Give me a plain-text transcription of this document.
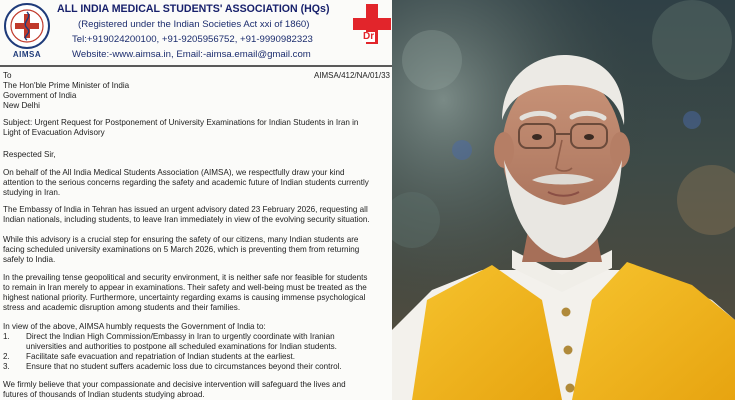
AIMSA
ALL INDIA MEDICAL STUDENTS' ASSOCIATION (HQs)
(Registered under the Indian Societies Act xxi of 1860)
Tel:+919024200100, +91-9205956752, +91-9990982323
Website:-www.aimsa.in, Email:-aimsa.email@gmail.com
Dr
To	AIMSA/412/NA/01/33
The Hon'ble Prime Minister of India
Government of India
New Delhi
Subject: Urgent Request for Postponement of University Examinations for Indian Students in Iran in
Light of Evacuation Advisory
Respected Sir,
On behalf of the All India Medical Students Association (AIMSA), we respectfully draw your kind
attention to the serious concerns regarding the safety and academic future of Indian students currently
studying in Iran.
The Embassy of India in Tehran has issued an urgent advisory dated 23 February 2026, requesting all
Indian nationals, including students, to leave Iran immediately in view of the evolving security situation.
While this advisory is a crucial step for ensuring the safety of our citizens, many Indian students are
facing scheduled university examinations on 5 March 2026, which is preventing them from returning
safely to India.
In the prevailing tense geopolitical and security environment, it is neither safe nor feasible for students
to remain in Iran merely to appear in examinations. Their safety and well-being must be treated as the
highest national priority. Furthermore, uncertainty regarding exams is causing immense psychological
stress and academic disruption among students and their families.
In view of the above, AIMSA humbly requests the Government of India to:
1. Direct the Indian High Commission/Embassy in Iran to urgently coordinate with Iranian
universities and authorities to postpone all scheduled examinations for Indian students.
2. Facilitate safe evacuation and repatriation of Indian students at the earliest.
3. Ensure that no student suffers academic loss due to circumstances beyond their control.
We firmly believe that your compassionate and decisive intervention will safeguard the lives and
futures of thousands of Indian students studying abroad.
